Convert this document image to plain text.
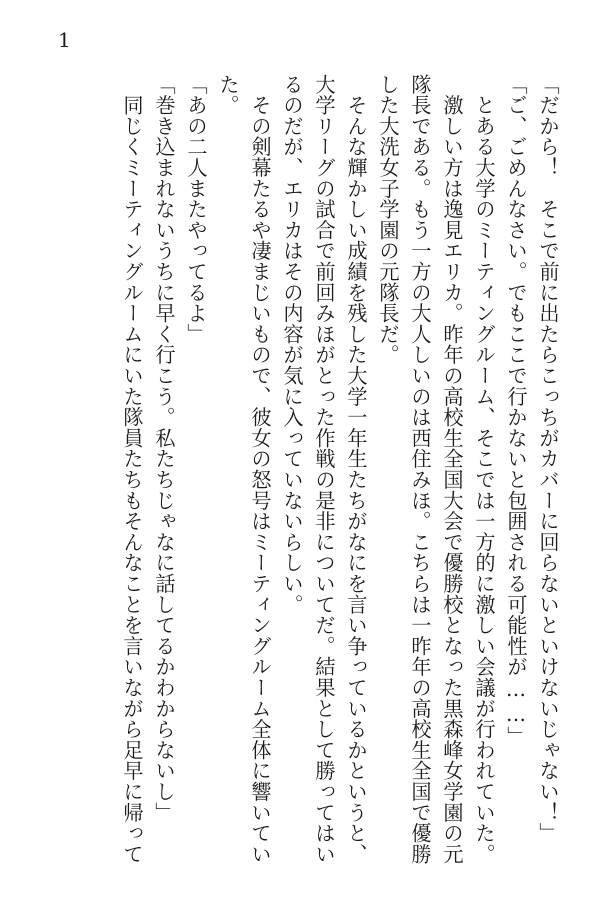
1
「だから！　そこで前に出たらこっちがカバーに回らないといけないじゃない！」
「ご、ごめんなさい。でもここで行かないと包囲される可能性が……」
　とある大学のミーティングルーム、そこでは一方的に激しい会議が行われていた。
　激しい方は逸見エリカ。昨年の高校生全国大会で優勝校となった黒森峰女学園の元
隊長である。もう一方の大人しいのは西住みほ。こちらは一昨年の高校生全国で優勝
した大洗女子学園の元隊長だ。
　そんな輝かしい成績を残した大学一年生たちがなにを言い争っているかというと、
大学リーグの試合で前回みほがとった作戦の是非についてだ。結果として勝ってはい
るのだが、エリカはその内容が気に入っていないらしい。
　その剣幕たるや凄まじいもので、彼女の怒号はミーティングルーム全体に響いてい
た。
「あの二人またやってるよ」
「巻き込まれないうちに早く行こう。私たちじゃなに話してるかわからないし」
　同じくミーティングルームにいた隊員たちもそんなことを言いながら足早に帰って
